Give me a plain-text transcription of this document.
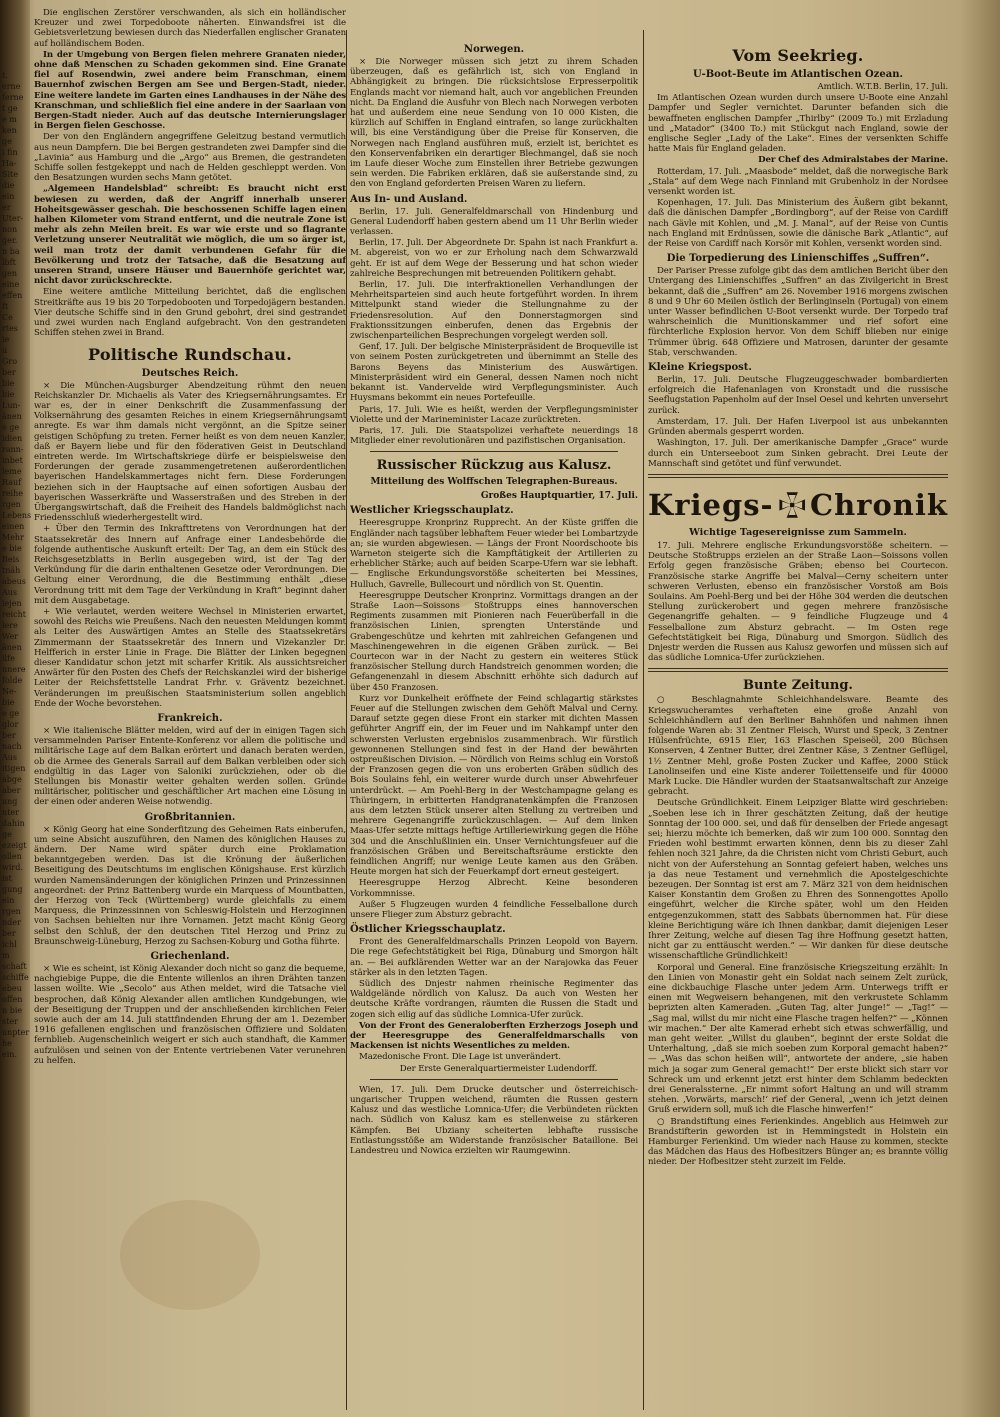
t.

erne

ferne

t ge

e m

ken

ge

i fin

Ha-

Site

die

ein

er

Uter-

non

ger.

n ba

lbft

gen

eine

effen

ft

Ce

rtes

ie

u

Gro

ber

bie

bie

Lun-

änen

e ge

idien

rann-

inbet

leme

Rauf

reihe

rgen

Lebens

einen

Mehr

e bie

Beis

tnäh

abeus

Aus

iejen

reicht

lere

Wer

änen

ilfe

nnere

folde

Ne-

bie

e ge

glor

ber

nach

Aus

itigen

abge

aber

ung

nter

dahin

ge

ezeigt

ollen

wird.

ist

gung

ein

rgen

nder

ber

ichl

m

schaft

schiffe

ebeu

offen

n bie

ster

unpter

he

ein.

Die englischen Zerstörer verschwanden, als sich ein holländischer Kreuzer und zwei Torpedoboote näherten. Einwandsfrei ist die Gebietsverletzung bewiesen durch das Niederfallen englischer Granaten auf holländischem Boden.

In der Umgebung von Bergen fielen mehrere Granaten nieder, ohne daß Menschen zu Schaden gekommen sind. Eine Granate fiel auf Rosendwin, zwei andere beim Franschman, einem Bauernhof zwischen Bergen am See und Bergen-Stadt, nieder. Eine weitere landete im Garten eines Landhauses in der Nähe des Kranschman, und schließlich fiel eine andere in der Saarlaan von Bergen-Stadt nieder. Auch auf das deutsche Internierungslager in Bergen fielen Geschosse.

Der von den Engländern angegriffene Geleitzug bestand vermutlich aus neun Dampfern. Die bei Bergen gestrandeten zwei Dampfer sind die „Lavinia“ aus Hamburg und die „Argo“ aus Bremen, die gestrandeten Schiffe sollen festgekeppt und nach de Helden geschleppt werden. Von den Besatzungen wurden sechs Mann getötet.

„Algemeen Handelsblad“ schreibt: Es braucht nicht erst bewiesen zu werden, daß der Angriff innerhalb unserer Hoheitsgewässer geschah. Die beschossenen Schiffe lagen einen halben Kilometer vom Strand entfernt, und die neutrale Zone ist mehr als zehn Meilen breit. Es war wie erste und so flagrante Verletzung unserer Neutralität wie möglich, die um so ärger ist, weil man trotz der damit verbundenen Gefahr für die Bevölkerung und trotz der Tatsache, daß die Besatzung auf unseren Strand, unsere Häuser und Bauernhöfe gerichtet war, nicht davor zurückschreckte.

Eine weitere amtliche Mitteilung berichtet, daß die englischen Streitkräfte aus 19 bis 20 Torpedobooten und Torpedojägern bestanden. Vier deutsche Schiffe sind in den Grund gebohrt, drei sind gestrandet und zwei wurden nach England aufgebracht. Von den gestrandeten Schiffen stehen zwei in Brand.

Politische Rundschau.
Deutsches Reich.

× Die München-Augsburger Abendzeitung rühmt den neuen Reichskanzler Dr. Michaelis als Vater des Kriegsernährungsamtes. Er war es, der in einer Denkschrift die Zusammenfassung der Volksernährung des gesamten Reiches in einem Kriegsernährungsamt anregte. Es war ihm damals nicht vergönnt, an die Spitze seiner geistigen Schöpfung zu treten. Ferner heißt es von dem neuen Kanzler, daß er Bayern liebe und für den föderativen Geist in Deutschland eintreten werde. Im Wirtschaftskriege dürfe er beispielsweise den Forderungen der gerade zusammengetretenen außerordentlichen bayerischen Handelskammertages nicht fern. Diese Forderungen beziehen sich in der Hauptsache auf einen sofortigen Ausbau der bayerischen Wasserkräfte und Wasserstraßen und des Streben in der Übergangswirtschaft, daß die Freiheit des Handels baldmöglichst nach Friedensschluß wiederhergestellt wird.

+ Über den Termin des Inkrafttretens von Verordnungen hat der Staatssekretär des Innern auf Anfrage einer Landesbehörde die folgende authentische Auskunft erteilt: Der Tag, an dem ein Stück des Reichsgesetzblatts in Berlin ausgegeben wird, ist der Tag der Verkündung für die darin enthaltenen Gesetze oder Verordnungen. Die Geltung einer Verordnung, die die Bestimmung enthält „diese Verordnung tritt mit dem Tage der Verkündung in Kraft“ beginnt daher mit dem Ausgabetage.

+ Wie verlautet, werden weitere Wechsel in Ministerien erwartet, sowohl des Reichs wie Preußens. Nach den neuesten Meldungen kommt als Leiter des Auswärtigen Amtes an Stelle des Staatssekretärs Zimmermann der Staatssekretär des Innern und Vizekanzler Dr. Helfferich in erster Linie in Frage. Die Blätter der Linken begegnen dieser Kandidatur schon jetzt mit scharfer Kritik. Als aussichtsreicher Anwärter für den Posten des Chefs der Reichskanzlei wird der bisherige Leiter der Reichsfettstelle Landrat Frhr. v. Gräventz bezeichnet. Veränderungen im preußischen Staatsministerium sollen angeblich Ende der Woche bevorstehen.

Frankreich.

× Wie italienische Blätter melden, wird auf der in einigen Tagen sich versammelnden Pariser Entente-Konferenz vor allem die politische und militärische Lage auf dem Balkan erörtert und danach beraten werden, ob die Armee des Generals Sarrail auf dem Balkan verbleiben oder sich endgültig in das Lager von Saloniki zurückziehen, oder ob die Stellungen bis Monastir weiter gehalten werden sollen. Gründe militärischer, politischer und geschäftlicher Art machen eine Lösung in der einen oder anderen Weise notwendig.

Großbritannien.

× König Georg hat eine Sonderfitzung des Geheimen Rats einberufen, um seine Absicht auszuführen, den Namen des königlichen Hauses zu ändern. Der Name wird später durch eine Proklamation bekanntgegeben werden. Das ist die Krönung der äußerlichen Beseitigung des Deutschtums im englischen Königshause. Erst kürzlich wurden Namensänderungen der königlichen Prinzen und Prinzessinnen angeordnet: der Prinz Battenberg wurde ein Marquess of Mountbatten, der Herzog von Teck (Württemberg) wurde gleichfalls zu einem Marquess, die Prinzessinnen von Schleswig-Holstein und Herzoginnen von Sachsen behielten nur ihre Vornamen. Jetzt macht König Georg selbst den Schluß, der den deutschen Titel Herzog und Prinz zu Braunschweig-Lüneburg, Herzog zu Sachsen-Koburg und Gotha führte.

Griechenland.

× Wie es scheint, ist König Alexander doch nicht so ganz die bequeme, nachgiebige Puppe, die die Entente willenlos an ihren Drähten tanzen lassen wollte. Wie „Secolo“ aus Athen meldet, wird die Tatsache viel besprochen, daß König Alexander allen amtlichen Kundgebungen, wie der Beseitigung der Truppen und der anschließenden kirchlichen Feier sowie auch der am 14. Juli stattfindenden Ehrung der am 1. Dezember 1916 gefallenen englischen und französischen Offiziere und Soldaten fernblieb. Augenscheinlich weigert er sich auch standhaft, die Kammer aufzulösen und seinen von der Entente vertriebenen Vater verunehren zu helfen.

Norwegen.

× Die Norweger müssen sich jetzt zu ihrem Schaden überzeugen, daß es gefährlich ist, sich von England in Abhängigkeit zu bringen. Die rücksichtslose Erpresserpolitik Englands macht vor niemand halt, auch vor angeblichen Freunden nicht. Da England die Ausfuhr von Blech nach Norwegen verboten hat und außerdem eine neue Sendung von 10 000 Kisten, die kürzlich auf Schiffen in England eintrafen, so lange zurückhalten will, bis eine Verständigung über die Preise für Konserven, die Norwegen nach England ausführen muß, erzielt ist, berichtet es den Konservenfabriken ein derartiger Blechmangel, daß sie noch im Laufe dieser Woche zum Einstellen ihrer Betriebe gezwungen sein werden. Die Fabriken erklären, daß sie außerstande sind, zu den von England geforderten Preisen Waren zu liefern.

Aus In- und Ausland.

Berlin, 17. Juli. Generalfeldmarschall von Hindenburg und General Ludendorff haben gestern abend um 11 Uhr Berlin wieder verlassen.

Berlin, 17. Juli. Der Abgeordnete Dr. Spahn ist nach Frankfurt a. M. abgereist, von wo er zur Erholung nach dem Schwarzwald geht. Er ist auf dem Wege der Besserung und hat schon wieder zahlreiche Besprechungen mit betreuenden Politikern gehabt.

Berlin, 17. Juli. Die interfraktionellen Verhandlungen der Mehrheitsparteien sind auch heute fortgeführt worden. In ihrem Mittelpunkt stand wieder die Stellungnahme zu der Friedensresolution. Auf den Donnerstagmorgen sind Fraktionssitzungen einberufen, denen das Ergebnis der zwischenparteilichen Besprechungen vorgelegt werden soll.

Genf, 17. Juli. Der belgische Ministerpräsident de Broqueville ist von seinem Posten zurückgetreten und übernimmt an Stelle des Barons Beyens das Ministerium des Auswärtigen. Ministerpräsident wird ein General, dessen Namen noch nicht bekannt ist. Vandervelde wird Verpflegungsminister. Auch Huysmans bekommt ein neues Portefeuille.

Paris, 17. Juli. Wie es heißt, werden der Verpflegungsminister Violette und der Marineminister Lacaze zurücktreten.

Paris, 17. Juli. Die Staatspolizei verhaftete neuerdings 18 Mitglieder einer revolutionären und pazifistischen Organisation.

Russischer Rückzug aus Kalusz.
Mitteilung des Wolffschen Telegraphen-Bureaus.
Großes Hauptquartier, 17. Juli.
Westlicher Kriegsschauplatz.

Heeresgruppe Kronprinz Rupprecht. An der Küste griffen die Engländer nach tagsüber lebhaftem Feuer wieder bei Lombartzyde an; sie wurden abgewiesen. — Längs der Front Noordschoote bis Warneton steigerte sich die Kampftätigkeit der Artillerien zu erheblicher Stärke; auch auf beiden Scarpe-Ufern war sie lebhaft. — Englische Erkundungsvorstöße scheiterten bei Messines, Hulluch, Gavrelle, Bullecourt und nördlich von St. Quentin.

Heeresgruppe Deutscher Kronprinz. Vormittags drangen an der Straße Laon—Soissons Stoßtrupps eines hannoverschen Regiments zusammen mit Pionieren nach Feuerüberfall in die französischen Linien, sprengten Unterstände und Grabengeschütze und kehrten mit zahlreichen Gefangenen und Maschinengewehren in die eigenen Gräben zurück. — Bei Courtecon war in der Nacht zu gestern ein weiteres Stück französischer Stellung durch Handstreich genommen worden; die Gefangenenzahl in diesem Abschnitt erhöhte sich dadurch auf über 450 Franzosen.

Kurz vor Dunkelheit eröffnete der Feind schlagartig stärkstes Feuer auf die Stellungen zwischen dem Gehöft Malval und Cerny. Darauf setzte gegen diese Front ein starker mit dichten Massen geführter Angriff ein, der im Feuer und im Nahkampf unter den schwersten Verlusten ergebnislos zusammenbrach. Wir fürstlich gewonnenen Stellungen sind fest in der Hand der bewährten ostpreußischen Division. — Nördlich von Reims schlug ein Vorstoß der Franzosen gegen die von uns eroberten Gräben südlich des Bois Soulains fehl, ein weiterer wurde durch unser Abwehrfeuer unterdrückt. — Am Poehl-Berg in der Westchampagne gelang es Thüringern, in erbitterten Handgranatenkämpfen die Franzosen aus dem letzten Stück unserer alten Stellung zu vertreiben und mehrere Gegenangriffe zurückzuschlagen. — Auf dem linken Maas-Ufer setzte mittags heftige Artilleriewirkung gegen die Höhe 304 und die Anschlußlinien ein. Unser Vernichtungsfeuer auf die französischen Gräben und Bereitschaftsräume erstickte den feindlichen Angriff; nur wenige Leute kamen aus den Gräben. Heute morgen hat sich der Feuerkampf dort erneut gesteigert.

Heeresgruppe Herzog Albrecht. Keine besonderen Vorkommnisse.

Außer 5 Flugzeugen wurden 4 feindliche Fesselballone durch unsere Flieger zum Absturz gebracht.

Östlicher Kriegsschauplatz.

Front des Generalfeldmarschalls Prinzen Leopold von Bayern. Die rege Gefechtstätigkeit bei Riga, Dünaburg und Smorgon hält an. — Bei aufklärenden Wetter war an der Narajowka das Feuer stärker als in den letzten Tagen.

Südlich des Dnjestr nahmen rheinische Regimenter das Waldgelände nördlich von Kalusz. Da auch von Westen her deutsche Kräfte vordrangen, räumten die Russen die Stadt und zogen sich eilig auf das südliche Lomnica-Ufer zurück.

Von der Front des Generaloberften Erzherzogs Joseph und der Heeresgruppe des Generalfeldmarschalls von Mackensen ist nichts Wesentliches zu melden.

Mazedonische Front. Die Lage ist unverändert.

Der Erste Generalquartiermeister Ludendorff.

Wien, 17. Juli. Dem Drucke deutscher und österreichisch-ungarischer Truppen weichend, räumten die Russen gestern Kalusz und das westliche Lomnica-Ufer; die Verbündeten rückten nach. Südlich von Kalusz kam es stellenweise zu stärkeren Kämpfen. Bei Ubziany scheiterten lebhafte russische Entlastungsstöße am Widerstande französischer Bataillone. Bei Landestreu und Nowica erzielten wir Raumgewinn.

Vom Seekrieg.
U-Boot-Beute im Atlantischen Ozean.

Amtlich. W.T.B. Berlin, 17. Juli.

Im Atlantischen Ozean wurden durch unsere U-Boote eine Anzahl Dampfer und Segler vernichtet. Darunter befanden sich die bewaffneten englischen Dampfer „Thirlby“ (2009 To.) mit Erzladung und „Matador“ (3400 To.) mit Stückgut nach England, sowie der englische Segler „Lady of the Lake“. Eines der versenkten Schiffe hatte Mais für England geladen.

Der Chef des Admiralstabes der Marine.

Rotterdam, 17. Juli. „Maasbode“ meldet, daß die norwegische Bark „Stala“ auf dem Wege nach Finnland mit Grubenholz in der Nordsee versenkt worden ist.

Kopenhagen, 17. Juli. Das Ministerium des Äußern gibt bekannt, daß die dänischen Dampfer „Bordingborg“, auf der Reise von Cardiff nach Gävle mit Kohlen, und „M. J. Manal“, auf der Reise von Cuntis nach England mit Erdnüssen, sowie die dänische Bark „Atlantic“, auf der Reise von Cardiff nach Korsör mit Kohlen, versenkt worden sind.

Die Torpedierung des Linienschiffes „Suffren“.

Der Pariser Presse zufolge gibt das dem amtlichen Bericht über den Untergang des Linienschiffes „Suffren“ an das Zivilgericht in Brest bekannt, daß die „Suffren“ am 26. November 1916 morgens zwischen 8 und 9 Uhr 60 Meilen östlich der Berlinginseln (Portugal) von einem unter Wasser befindlichen U-Boot versenkt wurde. Der Torpedo traf wahrscheinlich die Munitionskammer und rief sofort eine fürchterliche Explosion hervor. Von dem Schiff blieben nur einige Trümmer übrig. 648 Offiziere und Matrosen, darunter der gesamte Stab, verschwanden.

Kleine Kriegspost.

Berlin, 17. Juli. Deutsche Flugzeuggeschwader bombardierten erfolgreich die Hafenanlagen von Kronstadt und die russische Seeflugstation Papenholm auf der Insel Oesel und kehrten unversehrt zurück.

Amsterdam, 17. Juli. Der Hafen Liverpool ist aus unbekannten Gründen abermals gesperrt worden.

Washington, 17. Juli. Der amerikanische Dampfer „Grace“ wurde durch ein Unterseeboot zum Sinken gebracht. Drei Leute der Mannschaft sind getötet und fünf verwundet.

Kriegs- Chronik
Wichtige Tagesereignisse zum Sammeln.

17. Juli. Mehrere englische Erkundungsvorstöße scheitern. — Deutsche Stoßtrupps erzielen an der Straße Laon—Soissons vollen Erfolg gegen französische Gräben; ebenso bei Courtecon. Französische starke Angriffe bei Malval—Cerny scheitern unter schweren Verlusten, ebenso ein französischer Vorstoß am Bois Soulains. Am Poehl-Berg und bei der Höhe 304 werden die deutschen Stellung zurückerobert und gegen mehrere französische Gegenangriffe gehalten. — 9 feindliche Flugzeuge und 4 Fesselballone zum Absturz gebracht. — Im Osten rege Gefechtstätigkeit bei Riga, Dünaburg und Smorgon. Südlich des Dnjestr werden die Russen aus Kalusz geworfen und müssen sich auf das südliche Lomnica-Ufer zurückziehen.

Bunte Zeitung.

○ Beschlagnahmte Schleichhandelsware. Beamte des Kriegswucheramtes verhafteten eine große Anzahl von Schleichhändlern auf den Berliner Bahnhöfen und nahmen ihnen folgende Waren ab: 31 Zentner Fleisch, Wurst und Speck, 3 Zentner Hülsenfrüchte, 6915 Eier, 163 Flaschen Speiseöl, 200 Büchsen Konserven, 4 Zentner Butter, drei Zentner Käse, 3 Zentner Geflügel, 1½ Zentner Mehl, große Posten Zucker und Kaffee, 2000 Stück Lanolinseifen und eine Kiste anderer Toilettenseife und für 40000 Mark Lucke. Die Händler wurden der Staatsanwaltschaft zur Anzeige gebracht.

Deutsche Gründlichkeit. Einem Leipziger Blatte wird geschrieben: „Soeben lese ich in Ihrer geschätzten Zeitung, daß der heutige Sonntag der 100 000. sei, und daß für denselben der Friede angesagt sei; hierzu möchte ich bemerken, daß wir zum 100 000. Sonntag den Frieden wohl bestimmt erwarten können, denn bis zu dieser Zahl fehlen noch 321 Jahre, da die Christen nicht vom Christi Geburt, auch nicht von der Auferstehung an Sonntag gefeiert haben, welches uns ja das neue Testament und vernehmlich die Apostelgeschichte bezeugen. Der Sonntag ist erst am 7. März 321 von dem heidnischen Kaiser Konstantin dem Großen zu Ehren des Sonnengottes Apollo eingeführt, welcher die Kirche später, wohl um den Heiden entgegenzukommen, statt des Sabbats übernommen hat. Für diese kleine Berichtigung wäre ich Ihnen dankbar, damit diejenigen Leser Ihrer Zeitung, welche auf diesen Tag ihre Hoffnung gesetzt hatten, nicht gar zu enttäuscht werden.“ — Wir danken für diese deutsche wissenschaftliche Gründlichkeit!

Korporal und General. Eine französische Kriegszeitung erzählt: In den Linien von Monastir geht ein Soldat nach seinem Zelt zurück, eine dickbauchige Flasche unter jedem Arm. Unterwegs trifft er einen mit Wegweisern behangenen, mit den verkrustete Schlamm beprizten alten Kameraden. „Guten Tag, alter Junge!“ — „Tag!“ — „Sag mal, willst du mir nicht eine Flasche tragen helfen?“ — „Können wir machen.“ Der alte Kamerad erhebt sich etwas schwerfällig, und man geht weiter. „Willst du glauben“, beginnt der erste Soldat die Unterhaltung, „daß sie mich soeben zum Korporal gemacht haben?“ — „Was das schon heißen will“, antwortete der andere, „sie haben mich ja sogar zum General gemacht!“ Der erste blickt sich starr vor Schreck um und erkennt jetzt erst hinter dem Schlamm bedeckten drei Generalssterne. „Er nimmt sofort Haltung an und will stramm stehen. ‚Vorwärts, marsch!‘ rief der General, „wenn ich jetzt deinen Gruß erwidern soll, muß ich die Flasche hinwerfen!“

○ Brandstiftung eines Ferienkindes. Angeblich aus Heimweh zur Brandstifterin geworden ist in Hemmingstedt in Holstein ein Hamburger Ferienkind. Um wieder nach Hause zu kommen, steckte das Mädchen das Haus des Hofbesitzers Bünger an; es brannte völlig nieder. Der Hofbesitzer steht zurzeit im Felde.
